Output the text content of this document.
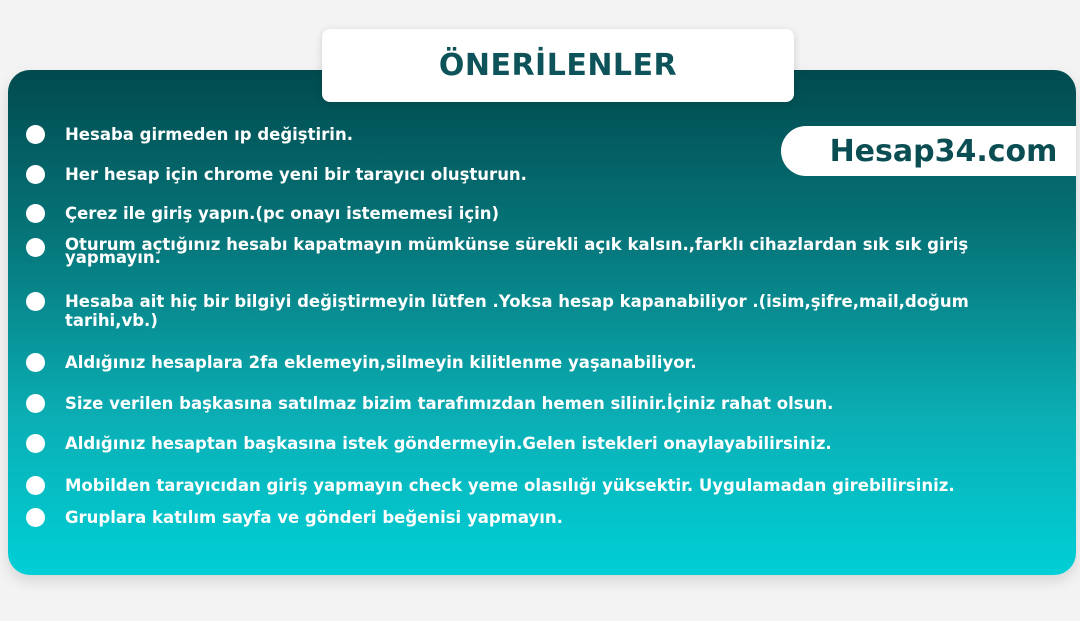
ÖNERİLENLER
Hesap34.com
Hesaba girmeden ıp değiştirin.
Her hesap için chrome yeni bir tarayıcı oluşturun.
Çerez ile giriş yapın.(pc onayı istememesi için)
Oturum açtığınız hesabı kapatmayın mümkünse sürekli açık kalsın.,farklı cihazlardan sık sık giriş yapmayın.
Hesaba ait hiç bir bilgiyi değiştirmeyin lütfen .Yoksa hesap kapanabiliyor .(isim,şifre,mail,doğum tarihi,vb.)
Aldığınız hesaplara 2fa eklemeyin,silmeyin kilitlenme yaşanabiliyor.
Size verilen başkasına satılmaz bizim tarafımızdan hemen silinir.İçiniz rahat olsun.
Aldığınız hesaptan başkasına istek göndermeyin.Gelen istekleri onaylayabilirsiniz.
Mobilden tarayıcıdan giriş yapmayın check yeme olasılığı yüksektir. Uygulamadan girebilirsiniz.
Gruplara katılım sayfa ve gönderi beğenisi yapmayın.
